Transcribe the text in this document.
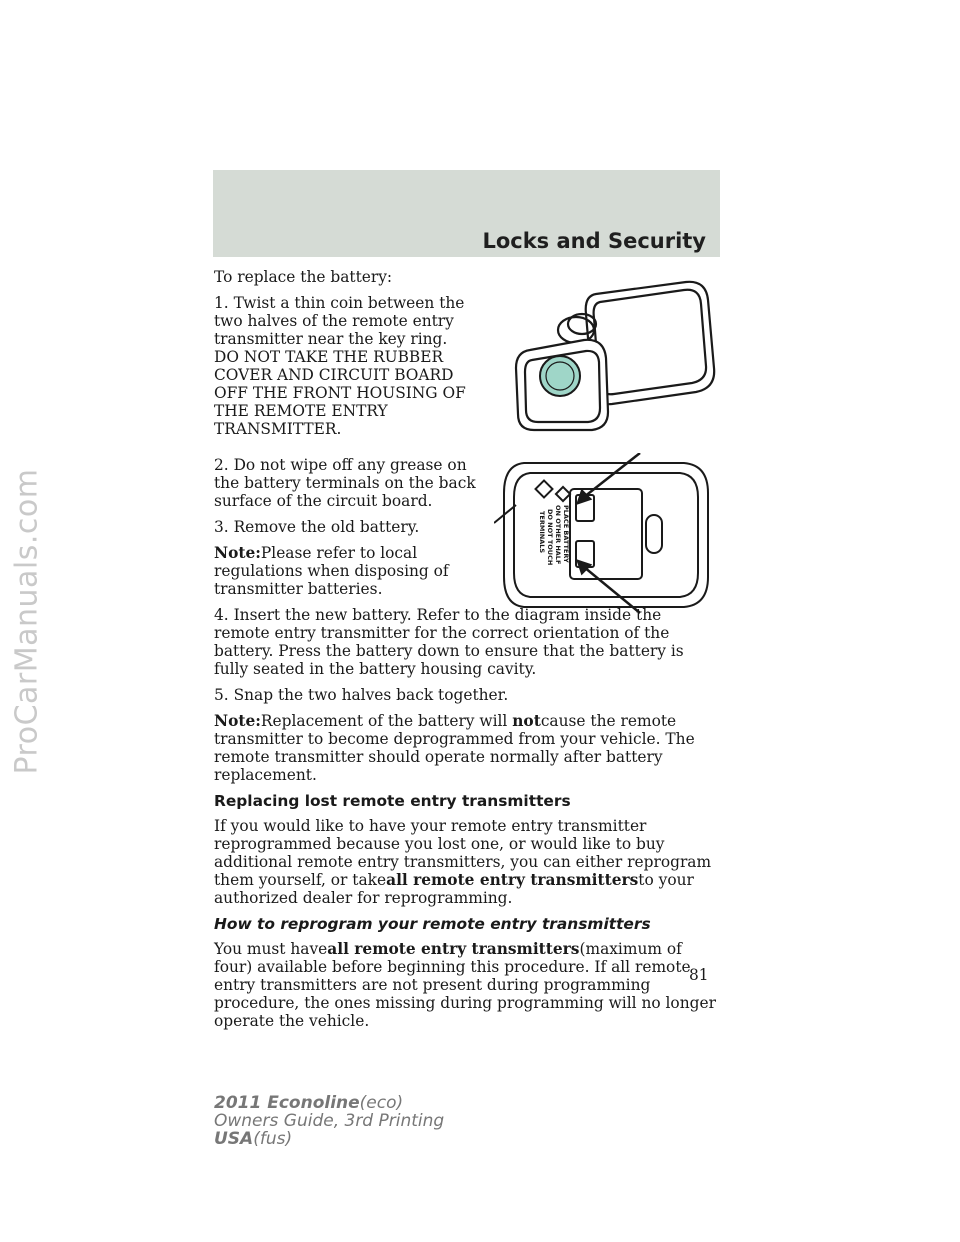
ProCarManuals.com
Locks and Security
PLACE BATTERY
ON OTHER HALF
DO NOT TOUCH
TERMINALS

To replace the battery:

1. Twist a thin coin between the two halves of the remote entry transmitter near the key ring. DO NOT TAKE THE RUBBER COVER AND CIRCUIT BOARD OFF THE FRONT HOUSING OF THE REMOTE ENTRY TRANSMITTER.

2. Do not wipe off any grease on the battery terminals on the back surface of the circuit board.

3. Remove the old battery.

Note:Please refer to local regulations when disposing of transmitter batteries.

4. Insert the new battery. Refer to the diagram inside the remote entry transmitter for the correct orientation of the battery. Press the battery down to ensure that the battery is fully seated in the battery housing cavity.

5. Snap the two halves back together.

Note:Replacement of the battery will notcause the remote transmitter to become deprogrammed from your vehicle. The remote transmitter should operate normally after battery replacement.

Replacing lost remote entry transmitters

If you would like to have your remote entry transmitter reprogrammed because you lost one, or would like to buy additional remote entry transmitters, you can either reprogram them yourself, or takeall remote entry transmittersto your authorized dealer for reprogramming.

How to reprogram your remote entry transmitters

You must haveall remote entry transmitters(maximum of four) available before beginning this procedure. If all remote entry transmitters are not present during programming procedure, the ones missing during programming will no longer operate the vehicle.

81
2011 Econoline(eco)
Owners Guide, 3rd Printing
USA(fus)
